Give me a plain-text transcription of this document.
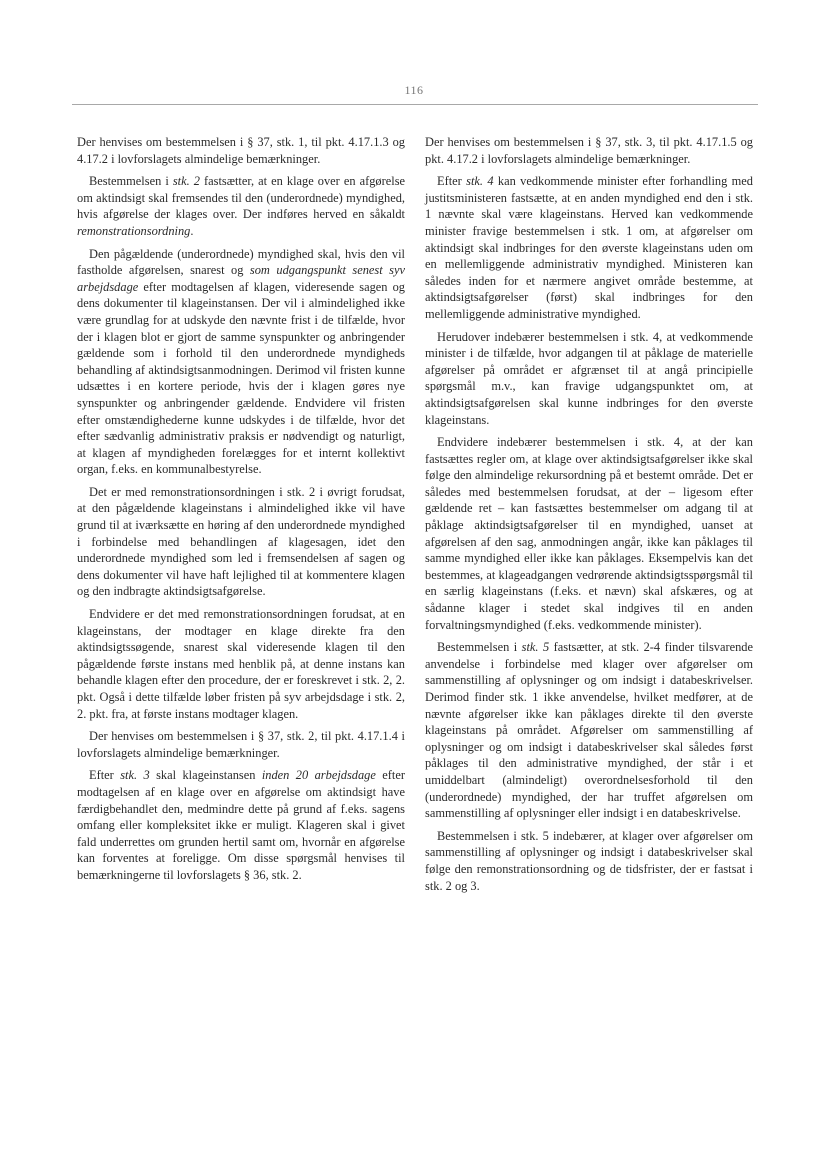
116

Der henvises om bestemmelsen i § 37, stk. 1, til pkt. 4.17.1.3 og 4.17.2 i lovforslagets almindelige bemærkninger.

Bestemmelsen i stk. 2 fastsætter, at en klage over en afgørelse om aktindsigt skal fremsendes til den (underordnede) myndighed, hvis afgørelse der klages over. Der indføres herved en såkaldt remonstrationsordning.

Den pågældende (underordnede) myndighed skal, hvis den vil fastholde afgørelsen, snarest og som udgangspunkt senest syv arbejdsdage efter modtagelsen af klagen, videresende sagen og dens dokumenter til klageinstansen. Der vil i almindelighed ikke være grundlag for at udskyde den nævnte frist i de tilfælde, hvor der i klagen blot er gjort de samme synspunkter og anbringender gældende som i forhold til den underordnede myndigheds behandling af aktindsigtsanmodningen. Derimod vil fristen kunne udsættes i en kortere periode, hvis der i klagen gøres nye synspunkter og anbringender gældende. Endvidere vil fristen efter omstændighederne kunne udskydes i de tilfælde, hvor det efter sædvanlig administrativ praksis er nødvendigt og naturligt, at klagen af myndigheden forelægges for et internt kollektivt organ, f.eks. en kommunalbestyrelse.

Det er med remonstrationsordningen i stk. 2 i øvrigt forudsat, at den pågældende klageinstans i almindelighed ikke vil have grund til at iværksætte en høring af den underordnede myndighed i forbindelse med behandlingen af klagesagen, idet den underordnede myndighed som led i fremsendelsen af sagen og dens dokumenter vil have haft lejlighed til at kommentere klagen og den indbragte aktindsigtsafgørelse.

Endvidere er det med remonstrationsordningen forudsat, at en klageinstans, der modtager en klage direkte fra den aktindsigtssøgende, snarest skal videresende klagen til den pågældende første instans med henblik på, at denne instans kan behandle klagen efter den procedure, der er foreskrevet i stk. 2, 2. pkt. Også i dette tilfælde løber fristen på syv arbejdsdage i stk. 2, 2. pkt. fra, at første instans modtager klagen.

Der henvises om bestemmelsen i § 37, stk. 2, til pkt. 4.17.1.4 i lovforslagets almindelige bemærkninger.

Efter stk. 3 skal klageinstansen inden 20 arbejdsdage efter modtagelsen af en klage over en afgørelse om aktindsigt have færdigbehandlet den, medmindre dette på grund af f.eks. sagens omfang eller kompleksitet ikke er muligt. Klageren skal i givet fald underrettes om grunden hertil samt om, hvornår en afgørelse kan forventes at foreligge. Om disse spørgsmål henvises til bemærkningerne til lovforslagets § 36, stk. 2.

Der henvises om bestemmelsen i § 37, stk. 3, til pkt. 4.17.1.5 og pkt. 4.17.2 i lovforslagets almindelige bemærkninger.

Efter stk. 4 kan vedkommende minister efter forhandling med justitsministeren fastsætte, at en anden myndighed end den i stk. 1 nævnte skal være klageinstans. Herved kan vedkommende minister fravige bestemmelsen i stk. 1 om, at afgørelser om aktindsigt skal indbringes for den øverste klageinstans uden om en mellemliggende administrativ myndighed. Ministeren kan således inden for et nærmere angivet område bestemme, at aktindsigtsafgørelser (først) skal indbringes for den mellemliggende administrative myndighed.

Herudover indebærer bestemmelsen i stk. 4, at vedkommende minister i de tilfælde, hvor adgangen til at påklage de materielle afgørelser på området er afgrænset til at angå principielle spørgsmål m.v., kan fravige udgangspunktet om, at aktindsigtsafgørelsen skal kunne indbringes for den øverste klageinstans.

Endvidere indebærer bestemmelsen i stk. 4, at der kan fastsættes regler om, at klage over aktindsigtsafgørelser ikke skal følge den almindelige rekursordning på et bestemt område. Det er således med bestemmelsen forudsat, at der – ligesom efter gældende ret – kan fastsættes bestemmelser om adgang til at påklage aktindsigtsafgørelser til en myndighed, uanset at afgørelsen af den sag, anmodningen angår, ikke kan påklages til samme myndighed eller ikke kan påklages. Eksempelvis kan det bestemmes, at klageadgangen vedrørende aktindsigtsspørgsmål til en særlig klageinstans (f.eks. et nævn) skal afskæres, og at sådanne klager i stedet skal indgives til en anden forvaltningsmyndighed (f.eks. vedkommende minister).

Bestemmelsen i stk. 5 fastsætter, at stk. 2-4 finder tilsvarende anvendelse i forbindelse med klager over afgørelser om sammenstilling af oplysninger og om indsigt i databeskrivelser. Derimod finder stk. 1 ikke anvendelse, hvilket medfører, at de nævnte afgørelser ikke kan påklages direkte til den øverste klageinstans på området. Afgørelser om sammenstilling af oplysninger og om indsigt i databeskrivelser skal således først påklages til den administrative myndighed, der står i et umiddelbart (almindeligt) overordnelsesforhold til den (underordnede) myndighed, der har truffet afgørelsen om sammenstilling af oplysninger eller indsigt i en databeskrivelse.

Bestemmelsen i stk. 5 indebærer, at klager over afgørelser om sammenstilling af oplysninger og indsigt i databeskrivelser skal følge den remonstrationsordning og de tidsfrister, der er fastsat i stk. 2 og 3.
